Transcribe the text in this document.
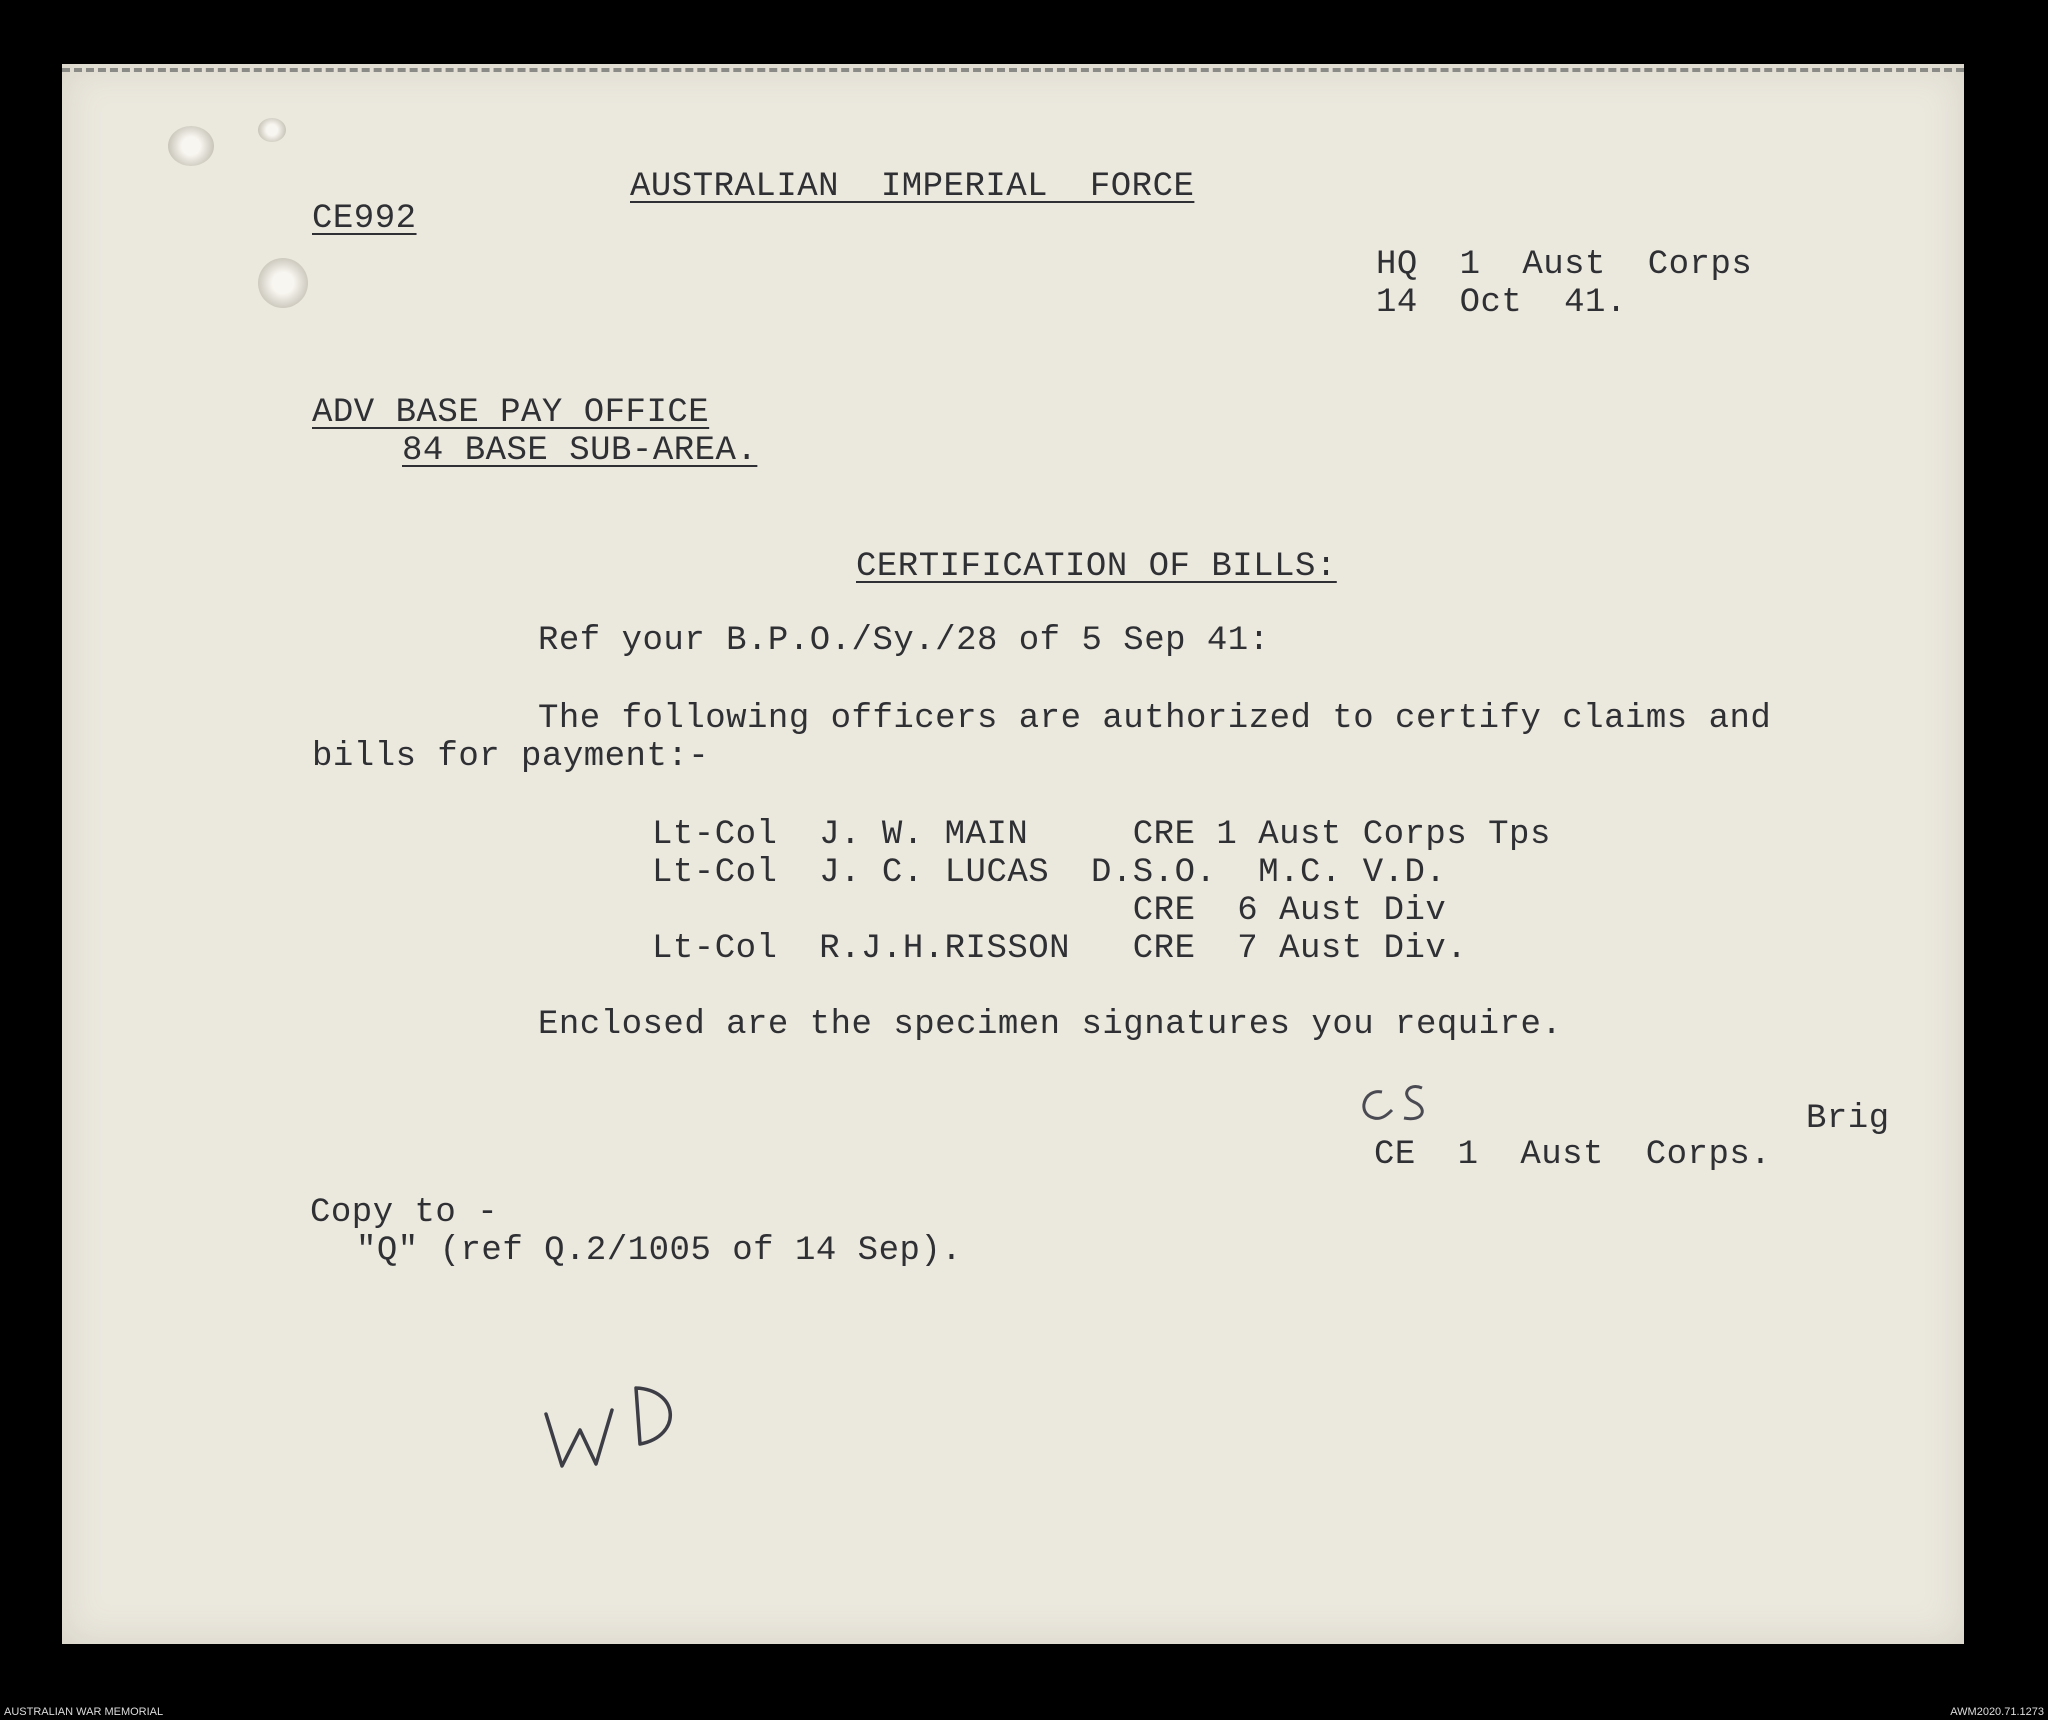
AUSTRALIAN  IMPERIAL  FORCE
CE992
HQ  1  Aust  Corps
14  Oct  41.
ADV BASE PAY OFFICE
84 BASE SUB-AREA.
CERTIFICATION OF BILLS:
Ref your B.P.O./Sy./28 of 5 Sep 41:
The following officers are authorized to certify claims and
bills for payment:-
Lt-Col  J. W. MAIN     CRE 1 Aust Corps Tps
Lt-Col  J. C. LUCAS  D.S.O.  M.C. V.D.
CRE  6 Aust Div
Lt-Col  R.J.H.RISSON   CRE  7 Aust Div.
Enclosed are the specimen signatures you require.
Brig
CE  1  Aust  Corps.
Copy to -
"Q" (ref Q.2/1005 of 14 Sep).
AUSTRALIAN WAR MEMORIAL	AWM2020.71.1273
